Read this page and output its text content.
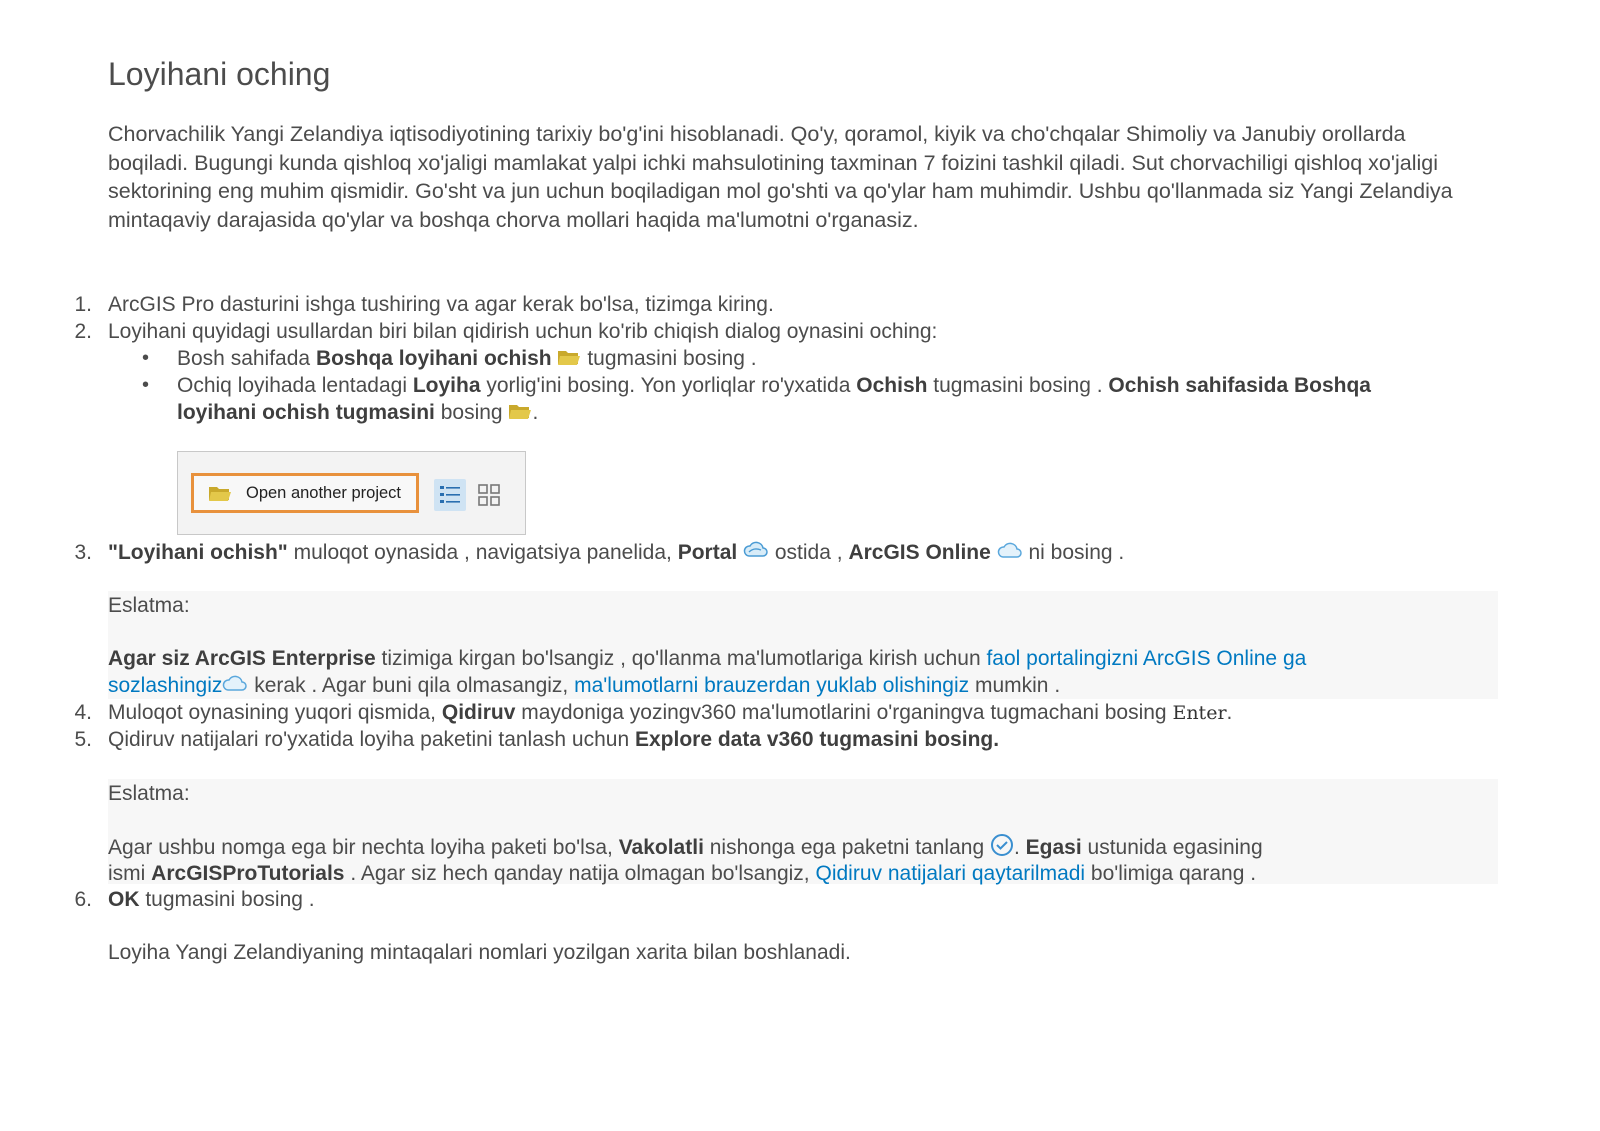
Loyihani oching

Chorvachilik Yangi Zelandiya iqtisodiyotining tarixiy bo'g'ini hisoblanadi. Qo'y, qoramol, kiyik va cho'chqalar Shimoliy va Janubiy orollarda boqiladi. Bugungi kunda qishloq xo'jaligi mamlakat yalpi ichki mahsulotining taxminan 7 foizini tashkil qiladi. Sut chorvachiligi qishloq xo'jaligi sektorining eng muhim qismidir. Go'sht va jun uchun boqiladigan mol go'shti va qo'ylar ham muhimdir. Ushbu qo'llanmada siz Yangi Zelandiya mintaqaviy darajasida qo'ylar va boshqa chorva mollari haqida ma'lumotni o'rganasiz.

1. ArcGIS Pro dasturini ishga tushiring va agar kerak bo'lsa, tizimga kiring.
2. Loyihani quyidagi usullardan biri bilan qidirish uchun ko'rib chiqish dialog oynasini oching:
• Bosh sahifada Boshqa loyihani ochish  tugmasini bosing .
• Ochiq loyihada lentadagi Loyiha yorlig'ini bosing. Yon yorliqlar ro'yxatida Ochish tugmasini bosing . Ochish sahifasida Boshqa
loyihani ochish tugmasini bosing .
Open another project
3. "Loyihani ochish" muloqot oynasida , navigatsiya panelida, Portal  ostida , ArcGIS Online  ni bosing .
Eslatma:
Agar siz ArcGIS Enterprise tizimiga kirgan bo'lsangiz , qo'llanma ma'lumotlariga kirish uchun faol portalingizni ArcGIS Online ga
sozlashingiz kerak . Agar buni qila olmasangiz, ma'lumotlarni brauzerdan yuklab olishingiz mumkin .
4. Muloqot oynasining yuqori qismida, Qidiruv maydoniga yozingv360 ma'lumotlarini o'rganingva tugmachani bosing Enter.
5. Qidiruv natijalari ro'yxatida loyiha paketini tanlash uchun Explore data v360 tugmasini bosing.
Eslatma:
Agar ushbu nomga ega bir nechta loyiha paketi bo'lsa, Vakolatli nishonga ega paketni tanlang . Egasi ustunida egasining
ismi ArcGISProTutorials . Agar siz hech qanday natija olmagan bo'lsangiz, Qidiruv natijalari qaytarilmadi bo'limiga qarang .
6. OK tugmasini bosing .
Loyiha Yangi Zelandiyaning mintaqalari nomlari yozilgan xarita bilan boshlanadi.
